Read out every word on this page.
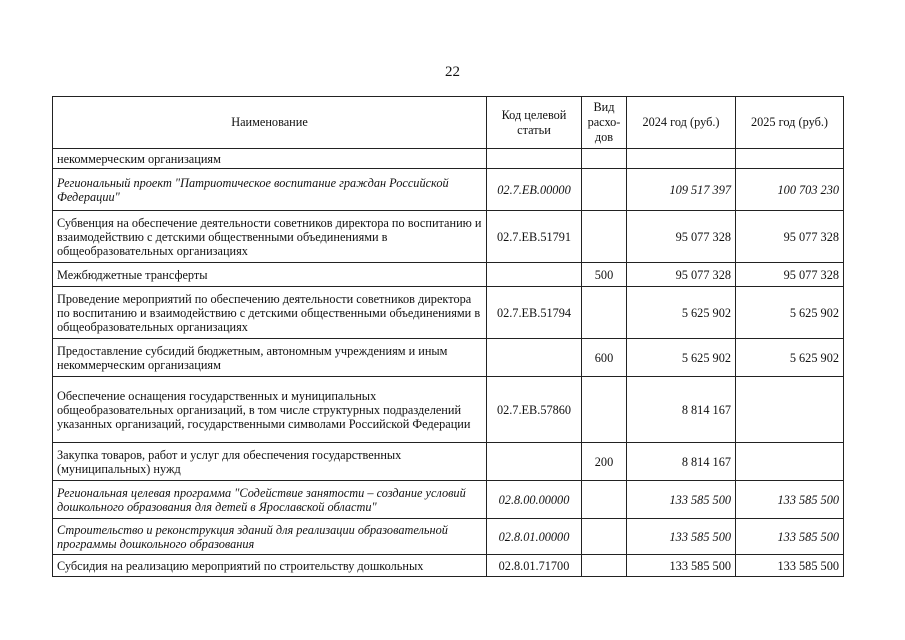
22
Наименование	Код целевой статьи	Вид расхо-дов	2024 год (руб.)	2025 год (руб.)
некоммерческим организациям				
Региональный проект "Патриотическое воспитание граждан Российской Федерации"	02.7.ЕВ.00000		109 517 397	100 703 230
Субвенция на обеспечение деятельности советников директора по воспитанию и взаимодействию с детскими общественными объединениями в общеобразовательных организациях	02.7.ЕВ.51791		95 077 328	95 077 328
Межбюджетные трансферты		500	95 077 328	95 077 328
Проведение мероприятий по обеспечению деятельности советников директора по воспитанию и взаимодействию с детскими общественными объединениями в общеобразовательных организациях	02.7.ЕВ.51794		5 625 902	5 625 902
Предоставление субсидий бюджетным, автономным учреждениям и иным некоммерческим организациям		600	5 625 902	5 625 902
Обеспечение оснащения государственных и муниципальных общеобразовательных организаций, в том числе структурных подразделений указанных организаций, государственными символами Российской Федерации	02.7.ЕВ.57860		8 814 167	
Закупка товаров, работ и услуг для обеспечения государственных (муниципальных) нужд		200	8 814 167	
Региональная целевая программа "Содействие занятости – создание условий дошкольного образования для детей в Ярославской области"	02.8.00.00000		133 585 500	133 585 500
Строительство и реконструкция зданий для реализации образовательной программы дошкольного образования	02.8.01.00000		133 585 500	133 585 500
Субсидия на реализацию мероприятий по строительству дошкольных	02.8.01.71700		133 585 500	133 585 500
